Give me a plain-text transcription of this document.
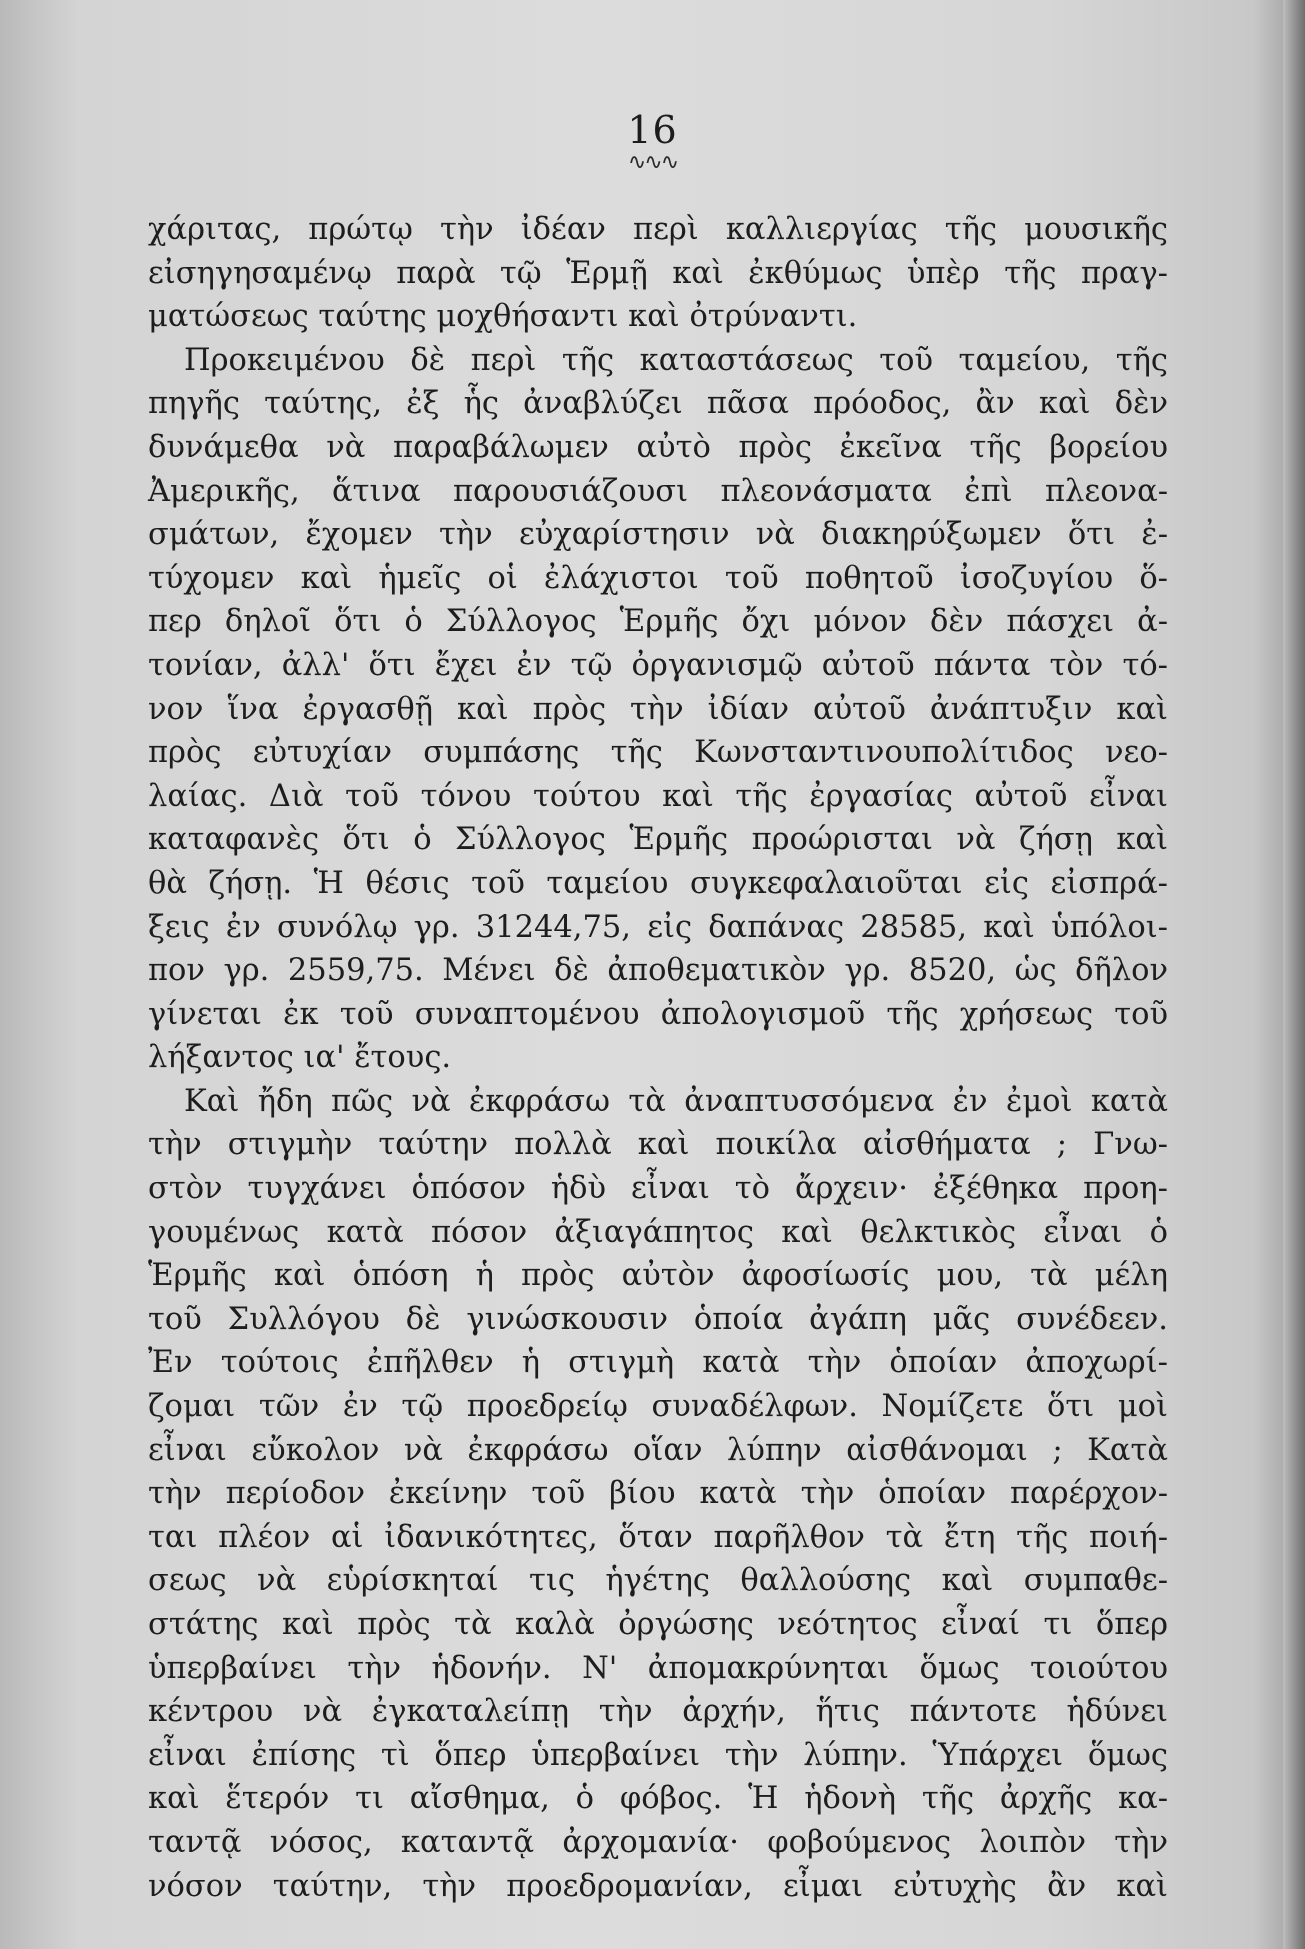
16
∿∿∿
χάριτας, πρώτῳ τὴν ἰδέαν περὶ καλλιεργίας τῆς μουσικῆς
εἰσηγησαμένῳ παρὰ τῷ Ἑρμῇ καὶ ἐκθύμως ὑπὲρ τῆς πραγ-
ματώσεως ταύτης μοχθήσαντι καὶ ὀτρύναντι.
Προκειμένου δὲ περὶ τῆς καταστάσεως τοῦ ταμείου, τῆς
πηγῆς ταύτης, ἐξ ἧς ἀναβλύζει πᾶσα πρόοδος, ἂν καὶ δὲν
δυνάμεθα νὰ παραβάλωμεν αὐτὸ πρὸς ἐκεῖνα τῆς βορείου
Ἀμερικῆς, ἅτινα παρουσιάζουσι πλεονάσματα ἐπὶ πλεονα-
σμάτων, ἔχομεν τὴν εὐχαρίστησιν νὰ διακηρύξωμεν ὅτι ἐ-
τύχομεν καὶ ἡμεῖς οἱ ἐλάχιστοι τοῦ ποθητοῦ ἰσοζυγίου ὅ-
περ δηλοῖ ὅτι ὁ Σύλλογος Ἑρμῆς ὄχι μόνον δὲν πάσχει ἀ-
τονίαν, ἀλλ' ὅτι ἔχει ἐν τῷ ὀργανισμῷ αὐτοῦ πάντα τὸν τό-
νον ἵνα ἐργασθῇ καὶ πρὸς τὴν ἰδίαν αὐτοῦ ἀνάπτυξιν καὶ
πρὸς εὐτυχίαν συμπάσης τῆς Κωνσταντινουπολίτιδος νεο-
λαίας. Διὰ τοῦ τόνου τούτου καὶ τῆς ἐργασίας αὐτοῦ εἶναι
καταφανὲς ὅτι ὁ Σύλλογος Ἑρμῆς προώρισται νὰ ζήσῃ καὶ
θὰ ζήσῃ. Ἡ θέσις τοῦ ταμείου συγκεφαλαιοῦται εἰς εἰσπρά-
ξεις ἐν συνόλῳ γρ. 31244,75, εἰς δαπάνας 28585, καὶ ὑπόλοι-
πον γρ. 2559,75. Μένει δὲ ἀποθεματικὸν γρ. 8520, ὡς δῆλον
γίνεται ἐκ τοῦ συναπτομένου ἀπολογισμοῦ τῆς χρήσεως τοῦ
λήξαντος ια' ἔτους.
Καὶ ἤδη πῶς νὰ ἐκφράσω τὰ ἀναπτυσσόμενα ἐν ἐμοὶ κατὰ
τὴν στιγμὴν ταύτην πολλὰ καὶ ποικίλα αἰσθήματα ; Γνω-
στὸν τυγχάνει ὁπόσον ἡδὺ εἶναι τὸ ἄρχειν· ἐξέθηκα προη-
γουμένως κατὰ πόσον ἀξιαγάπητος καὶ θελκτικὸς εἶναι ὁ
Ἑρμῆς καὶ ὁπόση ἡ πρὸς αὐτὸν ἀφοσίωσίς μου, τὰ μέλη
τοῦ Συλλόγου δὲ γινώσκουσιν ὁποία ἀγάπη μᾶς συνέδεεν.
Ἐν τούτοις ἐπῆλθεν ἡ στιγμὴ κατὰ τὴν ὁποίαν ἀποχωρί-
ζομαι τῶν ἐν τῷ προεδρείῳ συναδέλφων. Νομίζετε ὅτι μοὶ
εἶναι εὔκολον νὰ ἐκφράσω οἵαν λύπην αἰσθάνομαι ; Κατὰ
τὴν περίοδον ἐκείνην τοῦ βίου κατὰ τὴν ὁποίαν παρέρχον-
ται πλέον αἱ ἰδανικότητες, ὅταν παρῆλθον τὰ ἔτη τῆς ποιή-
σεως νὰ εὑρίσκηταί τις ἡγέτης θαλλούσης καὶ συμπαθε-
στάτης καὶ πρὸς τὰ καλὰ ὀργώσης νεότητος εἶναί τι ὅπερ
ὑπερβαίνει τὴν ἡδονήν. Ν' ἀπομακρύνηται ὅμως τοιούτου
κέντρου νὰ ἐγκαταλείπῃ τὴν ἀρχήν, ἥτις πάντοτε ἡδύνει
εἶναι ἐπίσης τὶ ὅπερ ὑπερβαίνει τὴν λύπην. Ὑπάρχει ὅμως
καὶ ἕτερόν τι αἴσθημα, ὁ φόβος. Ἡ ἡδονὴ τῆς ἀρχῆς κα-
ταντᾷ νόσος, καταντᾷ ἀρχομανία· φοβούμενος λοιπὸν τὴν
νόσον ταύτην, τὴν προεδρομανίαν, εἶμαι εὐτυχὴς ἂν καὶ
